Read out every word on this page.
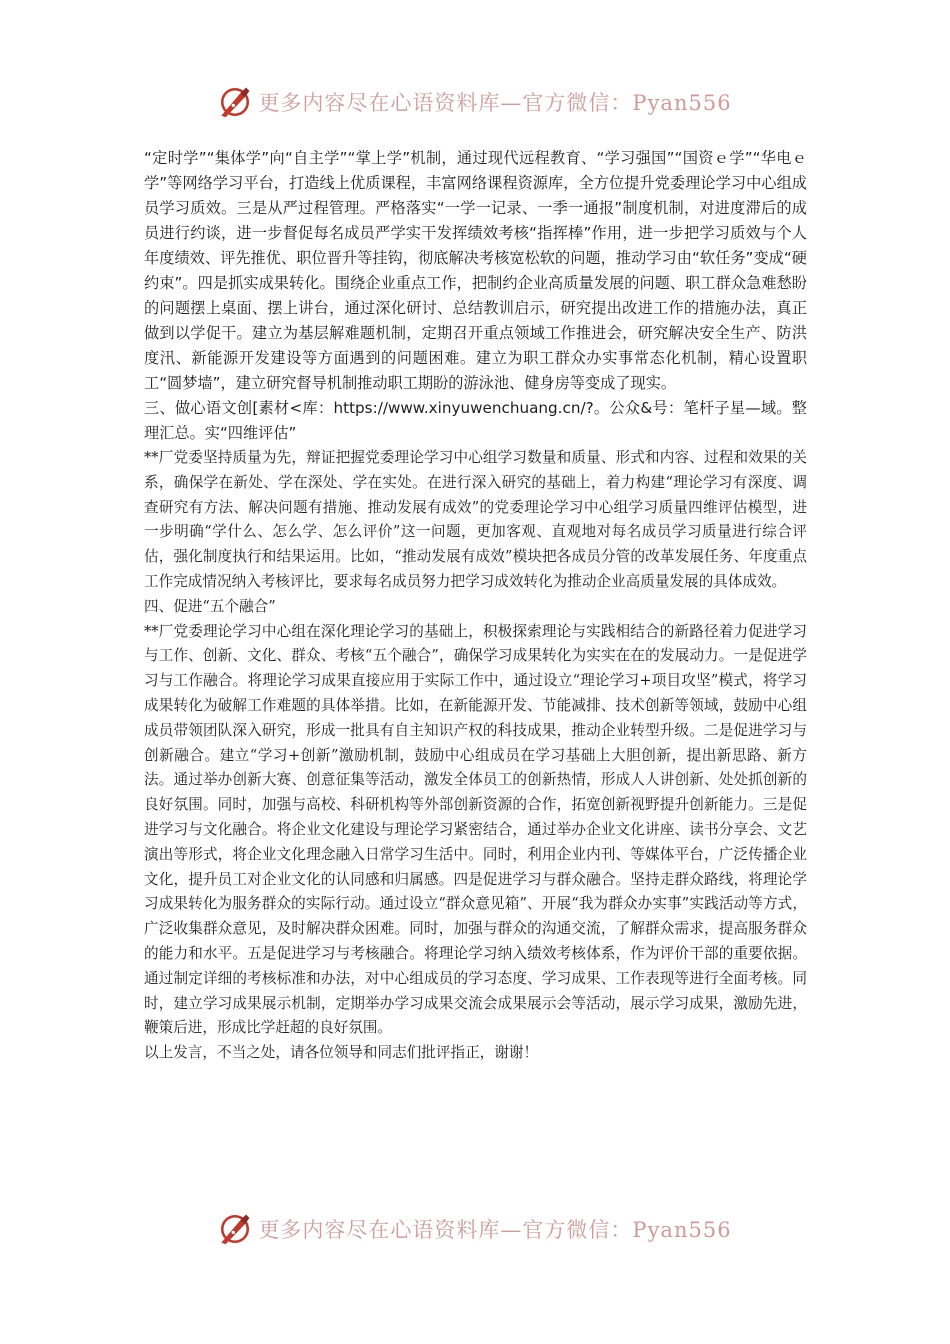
更多内容尽在心语资料库—官方微信：Pyan556

“定时学”“集体学”向“自主学”“掌上学”机制，通过现代远程教育、“学习强国”“国资ｅ学”“华电ｅ学”等网络学习平台，打造线上优质课程，丰富网络课程资源库，全方位提升党委理论学习中心组成员学习质效。三是从严过程管理。严格落实“一学一记录、一季一通报”制度机制，对进度滞后的成员进行约谈，进一步督促每名成员严学实干发挥绩效考核“指挥棒”作用，进一步把学习质效与个人年度绩效、评先推优、职位晋升等挂钩，彻底解决考核宽松软的问题，推动学习由“软任务”变成“硬约束”。四是抓实成果转化。围绕企业重点工作，把制约企业高质量发展的问题、职工群众急难愁盼的问题摆上桌面、摆上讲台，通过深化研讨、总结教训启示，研究提出改进工作的措施办法，真正做到以学促干。建立为基层解难题机制，定期召开重点领域工作推进会，研究解决安全生产、防洪度汛、新能源开发建设等方面遇到的问题困难。建立为职工群众办实事常态化机制，精心设置职工“圆梦墙”，建立研究督导机制推动职工期盼的游泳池、健身房等变成了现实。

三、做心语文创[素材<库：https://www.xinyuwenchuang.cn/?。公众&号：笔杆子星—域。整理汇总。实“四维评估”

**厂党委坚持质量为先，辩证把握党委理论学习中心组学习数量和质量、形式和内容、过程和效果的关系，确保学在新处、学在深处、学在实处。在进行深入研究的基础上，着力构建“理论学习有深度、调查研究有方法、解决问题有措施、推动发展有成效”的党委理论学习中心组学习质量四维评估模型，进一步明确“学什么、怎么学、怎么评价”这一问题，更加客观、直观地对每名成员学习质量进行综合评估，强化制度执行和结果运用。比如，“推动发展有成效”模块把各成员分管的改革发展任务、年度重点工作完成情况纳入考核评比，要求每名成员努力把学习成效转化为推动企业高质量发展的具体成效。

四、促进“五个融合”

**厂党委理论学习中心组在深化理论学习的基础上，积极探索理论与实践相结合的新路径着力促进学习与工作、创新、文化、群众、考核“五个融合”，确保学习成果转化为实实在在的发展动力。一是促进学习与工作融合。将理论学习成果直接应用于实际工作中，通过设立“理论学习+项目攻坚”模式，将学习成果转化为破解工作难题的具体举措。比如，在新能源开发、节能减排、技术创新等领域，鼓励中心组成员带领团队深入研究，形成一批具有自主知识产权的科技成果，推动企业转型升级。二是促进学习与创新融合。建立“学习+创新”激励机制，鼓励中心组成员在学习基础上大胆创新，提出新思路、新方法。通过举办创新大赛、创意征集等活动，激发全体员工的创新热情，形成人人讲创新、处处抓创新的良好氛围。同时，加强与高校、科研机构等外部创新资源的合作，拓宽创新视野提升创新能力。三是促进学习与文化融合。将企业文化建设与理论学习紧密结合，通过举办企业文化讲座、读书分享会、文艺演出等形式，将企业文化理念融入日常学习生活中。同时，利用企业内刊、等媒体平台，广泛传播企业文化，提升员工对企业文化的认同感和归属感。四是促进学习与群众融合。坚持走群众路线，将理论学习成果转化为服务群众的实际行动。通过设立“群众意见箱”、开展“我为群众办实事”实践活动等方式，广泛收集群众意见，及时解决群众困难。同时，加强与群众的沟通交流，了解群众需求，提高服务群众的能力和水平。五是促进学习与考核融合。将理论学习纳入绩效考核体系，作为评价干部的重要依据。通过制定详细的考核标准和办法，对中心组成员的学习态度、学习成果、工作表现等进行全面考核。同时，建立学习成果展示机制，定期举办学习成果交流会成果展示会等活动，展示学习成果，激励先进，鞭策后进，形成比学赶超的良好氛围。

以上发言，不当之处，请各位领导和同志们批评指正，谢谢！

更多内容尽在心语资料库—官方微信：Pyan556
